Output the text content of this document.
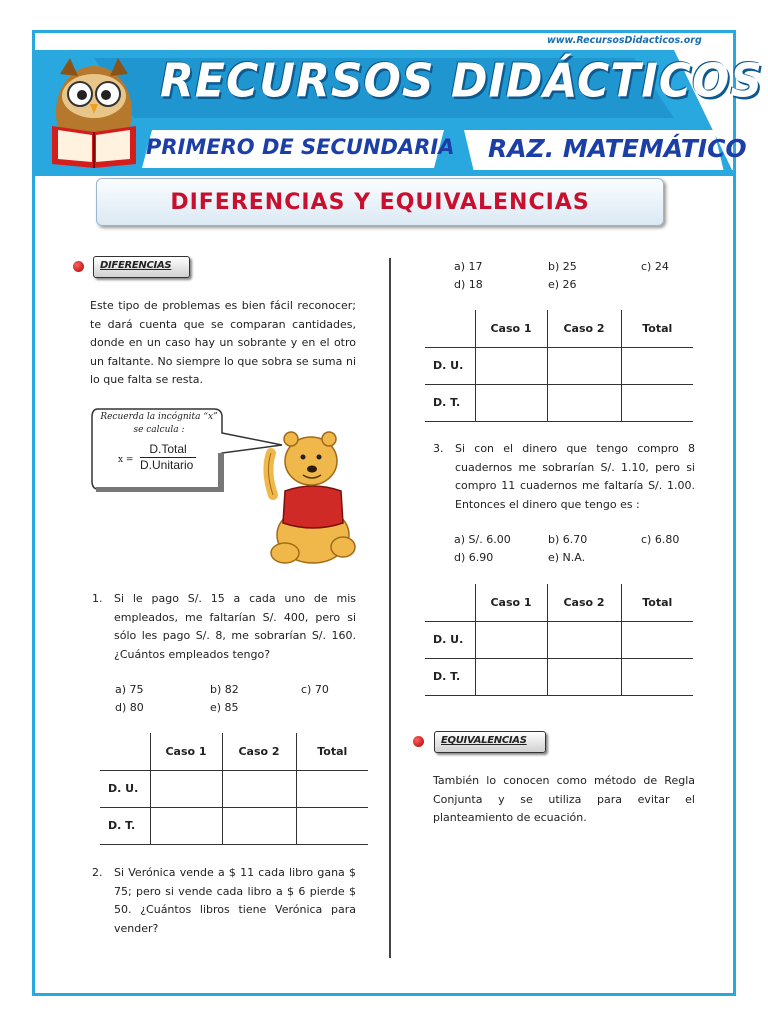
www.RecursosDidacticos.org
RECURSOS DIDÁCTICOS
PRIMERO DE SECUNDARIA RAZ. MATEMÁTICO
DIFERENCIAS Y EQUIVALENCIAS
DIFERENCIAS
Este tipo de problemas es bien fácil reconocer; te dará cuenta que se comparan cantidades, donde en un caso hay un sobrante y en el otro un faltante. No siempre lo que sobra se suma ni lo que falta se resta.
Recuerda la incógnita “x”
se calcula :
x =
D.Total
D.Unitario
1. Si le pago S/. 15 a cada uno de mis empleados, me faltarían S/. 400, pero si sólo les pago S/. 8, me sobrarían S/. 160. ¿Cuántos empleados tengo?
a) 75	b) 82	c) 70
d) 80	e) 85
	Caso 1	Caso 2	Total
D. U.			
D. T.			
2. Si Verónica vende a $ 11 cada libro gana $ 75; pero si vende cada libro a $ 6 pierde $ 50. ¿Cuántos libros tiene Verónica para vender?
a) 17	b) 25	c) 24
d) 18	e) 26
	Caso 1	Caso 2	Total
D. U.			
D. T.			
3. Si con el dinero que tengo compro 8 cuadernos me sobrarían S/. 1.10, pero si compro 11 cuadernos me faltaría S/. 1.00. Entonces el dinero que tengo es :
a) S/. 6.00	b) 6.70	c) 6.80
d) 6.90	e) N.A.
	Caso 1	Caso 2	Total
D. U.			
D. T.			
EQUIVALENCIAS
También lo conocen como método de Regla Conjunta y se utiliza para evitar el planteamiento de ecuación.
